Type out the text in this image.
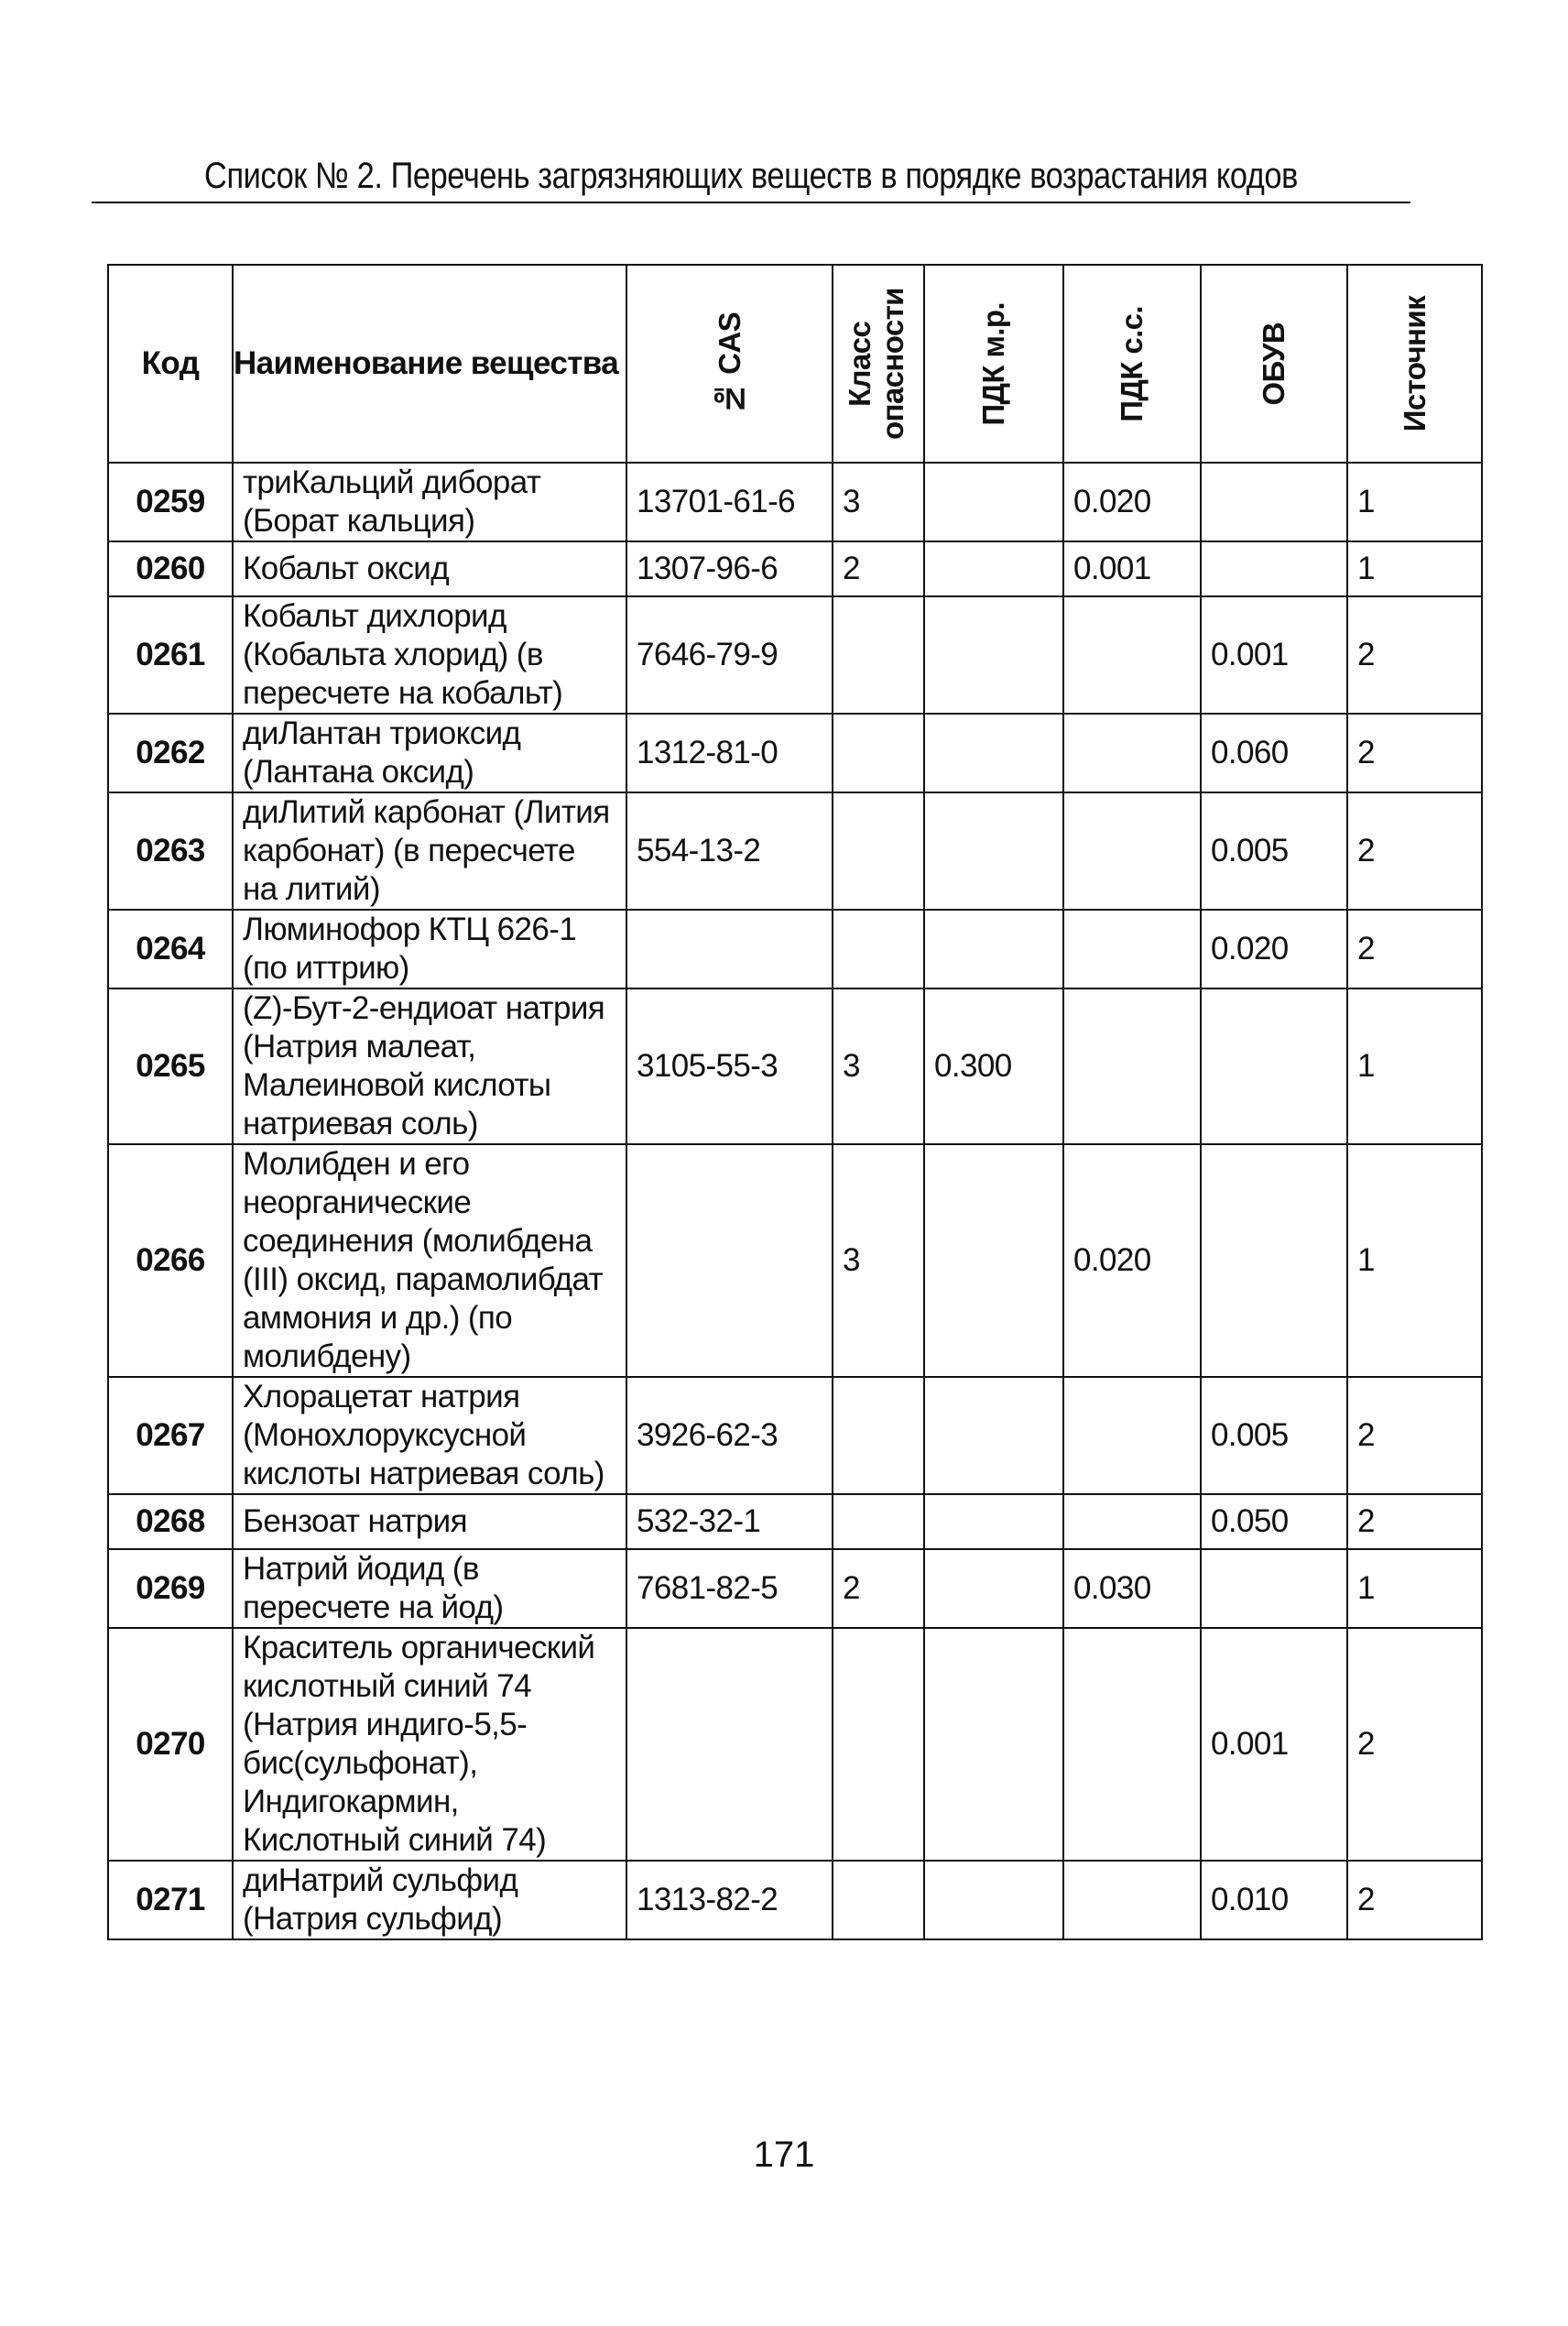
Список № 2. Перечень загрязняющих веществ в порядке возрастания кодов
Код	Наименование вещества	№ CAS	Класс опасности	ПДК м.р.	ПДК с.с.	ОБУВ	Источник

0259	триКальций диборат (Борат кальция)	13701-61-6	3		0.020		1
0260	Кобальт оксид	1307-96-6	2		0.001		1
0261	Кобальт дихлорид (Кобальта хлорид) (в пересчете на кобальт)	7646-79-9				0.001	2
0262	диЛантан триоксид (Лантана оксид)	1312-81-0				0.060	2
0263	диЛитий карбонат (Лития карбонат) (в пересчете на литий)	554-13-2				0.005	2
0264	Люминофор КТЦ 626-1 (по иттрию)					0.020	2
0265	(Z)-Бут-2-ендиоат натрия (Натрия малеат, Малеиновой кислоты натриевая соль)	3105-55-3	3	0.300			1
0266	Молибден и его неорганические соединения (молибдена (III) оксид, парамолибдат аммония и др.) (по молибдену)		3		0.020		1
0267	Хлорацетат натрия (Монохлоруксусной кислоты натриевая соль)	3926-62-3				0.005	2
0268	Бензоат натрия	532-32-1				0.050	2
0269	Натрий йодид (в пересчете на йод)	7681-82-5	2		0.030		1
0270	Краситель органический кислотный синий 74 (Натрия индиго-5,5-бис(сульфонат), Индигокармин, Кислотный синий 74)					0.001	2
0271	диНатрий сульфид (Натрия сульфид)	1313-82-2				0.010	2
171
